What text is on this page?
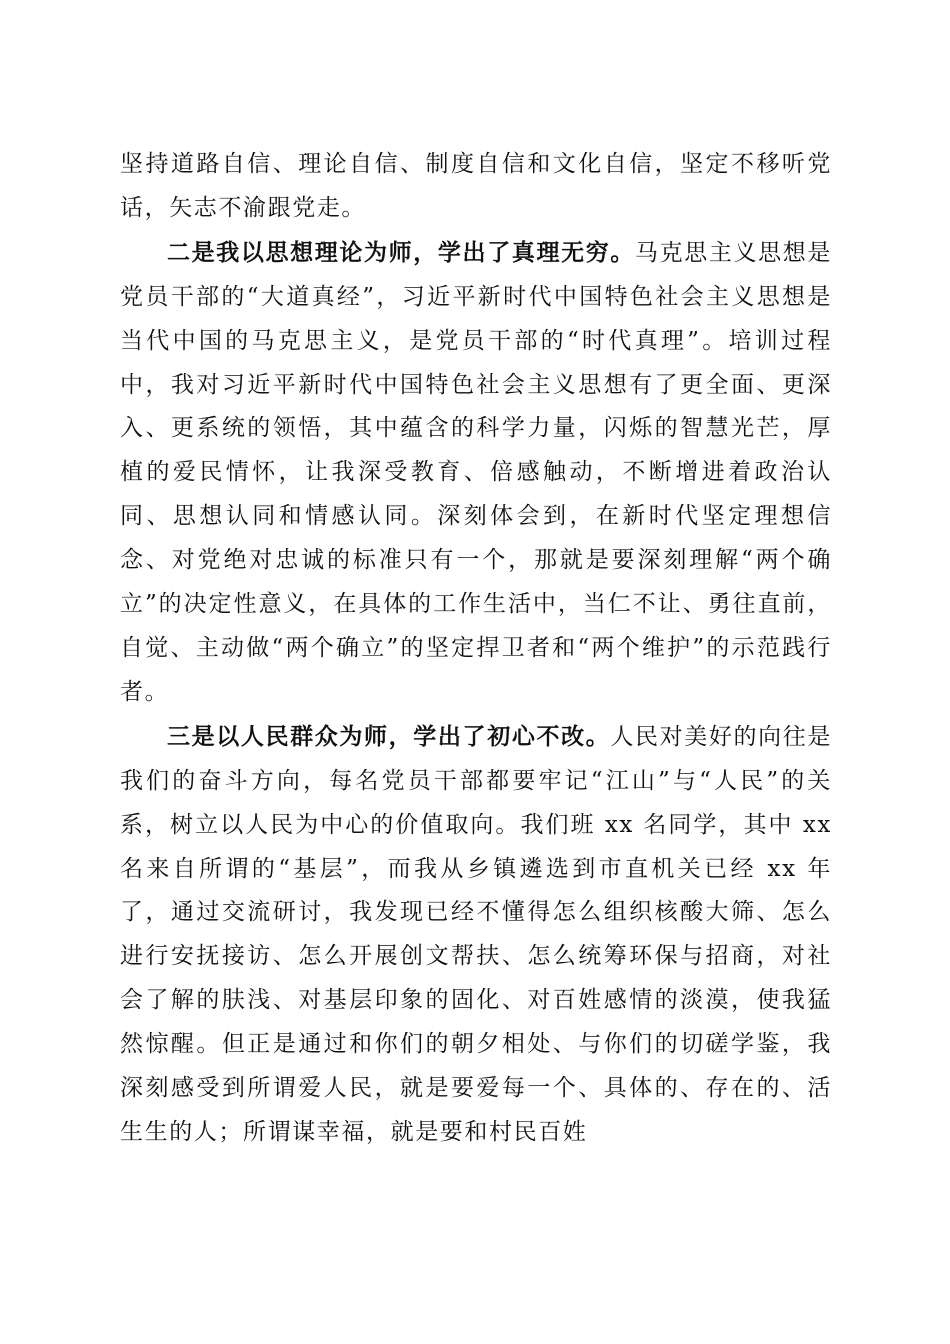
坚持道路自信、理论自信、制度自信和文化自信，坚定不移听党话，矢志不渝跟党走。

二是我以思想理论为师，学出了真理无穷。马克思主义思想是党员干部的“大道真经”，习近平新时代中国特色社会主义思想是当代中国的马克思主义，是党员干部的“时代真理”。培训过程中，我对习近平新时代中国特色社会主义思想有了更全面、更深入、更系统的领悟，其中蕴含的科学力量，闪烁的智慧光芒，厚植的爱民情怀，让我深受教育、倍感触动，不断增进着政治认同、思想认同和情感认同。深刻体会到，在新时代坚定理想信念、对党绝对忠诚的标准只有一个，那就是要深刻理解“两个确立”的决定性意义，在具体的工作生活中，当仁不让、勇往直前，自觉、主动做“两个确立”的坚定捍卫者和“两个维护”的示范践行者。

三是以人民群众为师，学出了初心不改。人民对美好的向往是我们的奋斗方向，每名党员干部都要牢记“江山”与“人民”的关系，树立以人民为中心的价值取向。我们班 xx 名同学，其中 xx 名来自所谓的“基层”，而我从乡镇遴选到市直机关已经 xx 年了，通过交流研讨，我发现已经不懂得怎么组织核酸大筛、怎么进行安抚接访、怎么开展创文帮扶、怎么统筹环保与招商，对社会了解的肤浅、对基层印象的固化、对百姓感情的淡漠，使我猛然惊醒。但正是通过和你们的朝夕相处、与你们的切磋学鉴，我深刻感受到所谓爱人民，就是要爱每一个、具体的、存在的、活生生的人；所谓谋幸福，就是要和村民百姓
